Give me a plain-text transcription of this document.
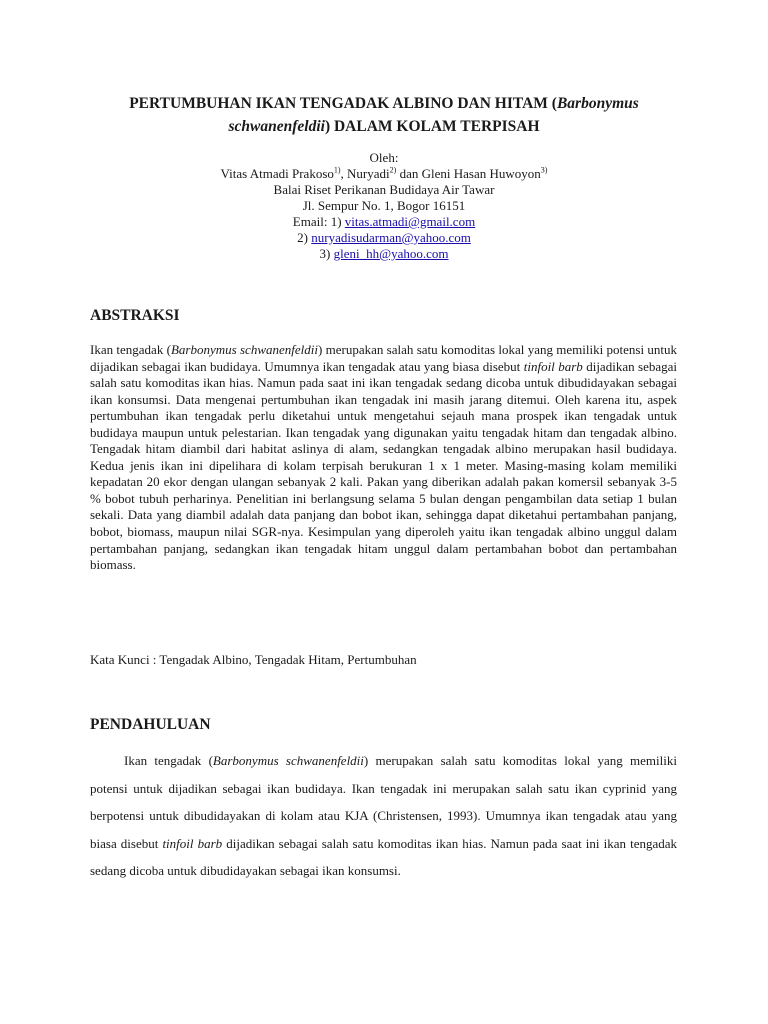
PERTUMBUHAN IKAN TENGADAK ALBINO DAN HITAM (Barbonymus schwanenfeldii) DALAM KOLAM TERPISAH
Oleh:
Vitas Atmadi Prakoso$^{1)}$, Nuryadi$^{2)}$ dan Gleni Hasan Huwoyon$^{3)}$
Balai Riset Perikanan Budidaya Air Tawar
Jl. Sempur No. 1, Bogor 16151
Email: 1) vitas.atmadi@gmail.com
2) nuryadisudarman@yahoo.com
3) gleni_hh@yahoo.com
ABSTRAKSI

Ikan tengadak (Barbonymus schwanenfeldii) merupakan salah satu komoditas lokal yang memiliki potensi untuk dijadikan sebagai ikan budidaya. Umumnya ikan tengadak atau yang biasa disebut tinfoil barb dijadikan sebagai salah satu komoditas ikan hias. Namun pada saat ini ikan tengadak sedang dicoba untuk dibudidayakan sebagai ikan konsumsi. Data mengenai pertumbuhan ikan tengadak ini masih jarang ditemui. Oleh karena itu, aspek pertumbuhan ikan tengadak perlu diketahui untuk mengetahui sejauh mana prospek ikan tengadak untuk budidaya maupun untuk pelestarian. Ikan tengadak yang digunakan yaitu tengadak hitam dan tengadak albino. Tengadak hitam diambil dari habitat aslinya di alam, sedangkan tengadak albino merupakan hasil budidaya. Kedua jenis ikan ini dipelihara di kolam terpisah berukuran 1 x 1 meter. Masing-masing kolam memiliki kepadatan 20 ekor dengan ulangan sebanyak 2 kali. Pakan yang diberikan adalah pakan komersil sebanyak 3-5 % bobot tubuh perharinya. Penelitian ini berlangsung selama 5 bulan dengan pengambilan data setiap 1 bulan sekali. Data yang diambil adalah data panjang dan bobot ikan, sehingga dapat diketahui pertambahan panjang, bobot, biomass, maupun nilai SGR-nya. Kesimpulan yang diperoleh yaitu ikan tengadak albino unggul dalam pertambahan panjang, sedangkan ikan tengadak hitam unggul dalam pertambahan bobot dan pertambahan biomass.

Kata Kunci : Tengadak Albino, Tengadak Hitam, Pertumbuhan

PENDAHULUAN

Ikan tengadak (Barbonymus schwanenfeldii) merupakan salah satu komoditas lokal yang memiliki potensi untuk dijadikan sebagai ikan budidaya. Ikan tengadak ini merupakan salah satu ikan cyprinid yang berpotensi untuk dibudidayakan di kolam atau KJA (Christensen, 1993). Umumnya ikan tengadak atau yang biasa disebut tinfoil barb dijadikan sebagai salah satu komoditas ikan hias. Namun pada saat ini ikan tengadak sedang dicoba untuk dibudidayakan sebagai ikan konsumsi.
